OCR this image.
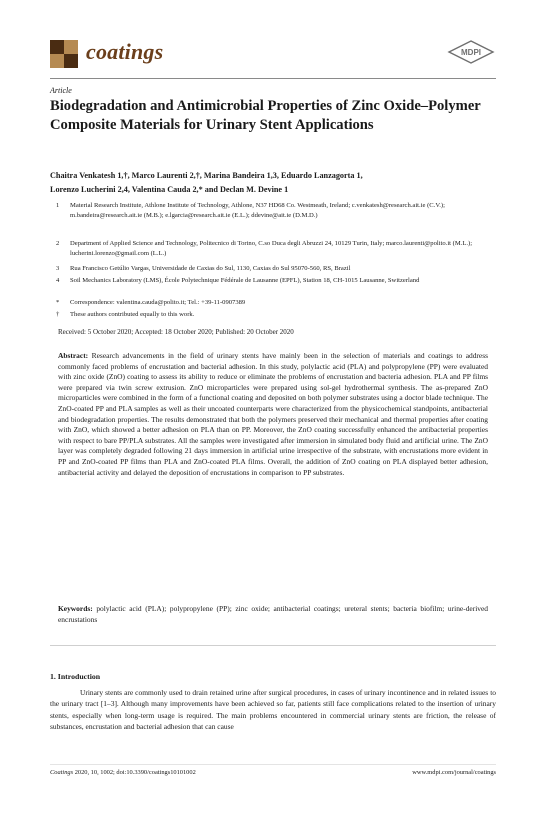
coatings	MDPI
Article
Biodegradation and Antimicrobial Properties of Zinc Oxide–Polymer Composite Materials for Urinary Stent Applications
Chaitra Venkatesh 1,†, Marco Laurenti 2,†, Marina Bandeira 1,3, Eduardo Lanzagorta 1,
Lorenzo Lucherini 2,4, Valentina Cauda 2,* and Declan M. Devine 1
1	Material Research Institute, Athlone Institute of Technology, Athlone, N37 HD68 Co. Westmeath, Ireland; c.venkatesh@research.ait.ie (C.V.); m.bandeira@research.ait.ie (M.B.); e.lgarcia@research.ait.ie (E.L.); ddevine@ait.ie (D.M.D.)
2	Department of Applied Science and Technology, Politecnico di Torino, C.so Duca degli Abruzzi 24, 10129 Turin, Italy; marco.laurenti@polito.it (M.L.); lucherini.lorenzo@gmail.com (L.L.)
3	Rua Francisco Getúlio Vargas, Universidade de Caxias do Sul, 1130, Caxias do Sul 95070-560, RS, Brazil
4	Soil Mechanics Laboratory (LMS), École Polytechnique Fédérale de Lausanne (EPFL), Station 18, CH-1015 Lausanne, Switzerland
*	Correspondence: valentina.cauda@polito.it; Tel.: +39-11-0907389
†	These authors contributed equally to this work.
Received: 5 October 2020; Accepted: 18 October 2020; Published: 20 October 2020
Abstract: Research advancements in the field of urinary stents have mainly been in the selection of materials and coatings to address commonly faced problems of encrustation and bacterial adhesion. In this study, polylactic acid (PLA) and polypropylene (PP) were evaluated with zinc oxide (ZnO) coating to assess its ability to reduce or eliminate the problems of encrustation and bacteria adhesion. PLA and PP films were prepared via twin screw extrusion. ZnO microparticles were prepared using sol-gel hydrothermal synthesis. The as-prepared ZnO microparticles were combined in the form of a functional coating and deposited on both polymer substrates using a doctor blade technique. The ZnO-coated PP and PLA samples as well as their uncoated counterparts were characterized from the physicochemical standpoints, antibacterial and biodegradation properties. The results demonstrated that both the polymers preserved their mechanical and thermal properties after coating with ZnO, which showed a better adhesion on PLA than on PP. Moreover, the ZnO coating successfully enhanced the antibacterial properties with respect to bare PP/PLA substrates. All the samples were investigated after immersion in simulated body fluid and artificial urine. The ZnO layer was completely degraded following 21 days immersion in artificial urine irrespective of the substrate, with encrustations more evident in PP and ZnO-coated PP films than PLA and ZnO-coated PLA films. Overall, the addition of ZnO coating on PLA displayed better adhesion, antibacterial activity and delayed the deposition of encrustations in comparison to PP substrates.
Keywords: polylactic acid (PLA); polypropylene (PP); zinc oxide; antibacterial coatings; ureteral stents; bacteria biofilm; urine-derived encrustations
1. Introduction
Urinary stents are commonly used to drain retained urine after surgical procedures, in cases of urinary incontinence and in related issues to the urinary tract [1–3]. Although many improvements have been achieved so far, patients still face complications related to the insertion of urinary stents, especially when long-term usage is required. The main problems encountered in commercial urinary stents are friction, the release of substances, encrustation and bacterial adhesion that can cause
Coatings 2020, 10, 1002; doi:10.3390/coatings10101002	www.mdpi.com/journal/coatings
